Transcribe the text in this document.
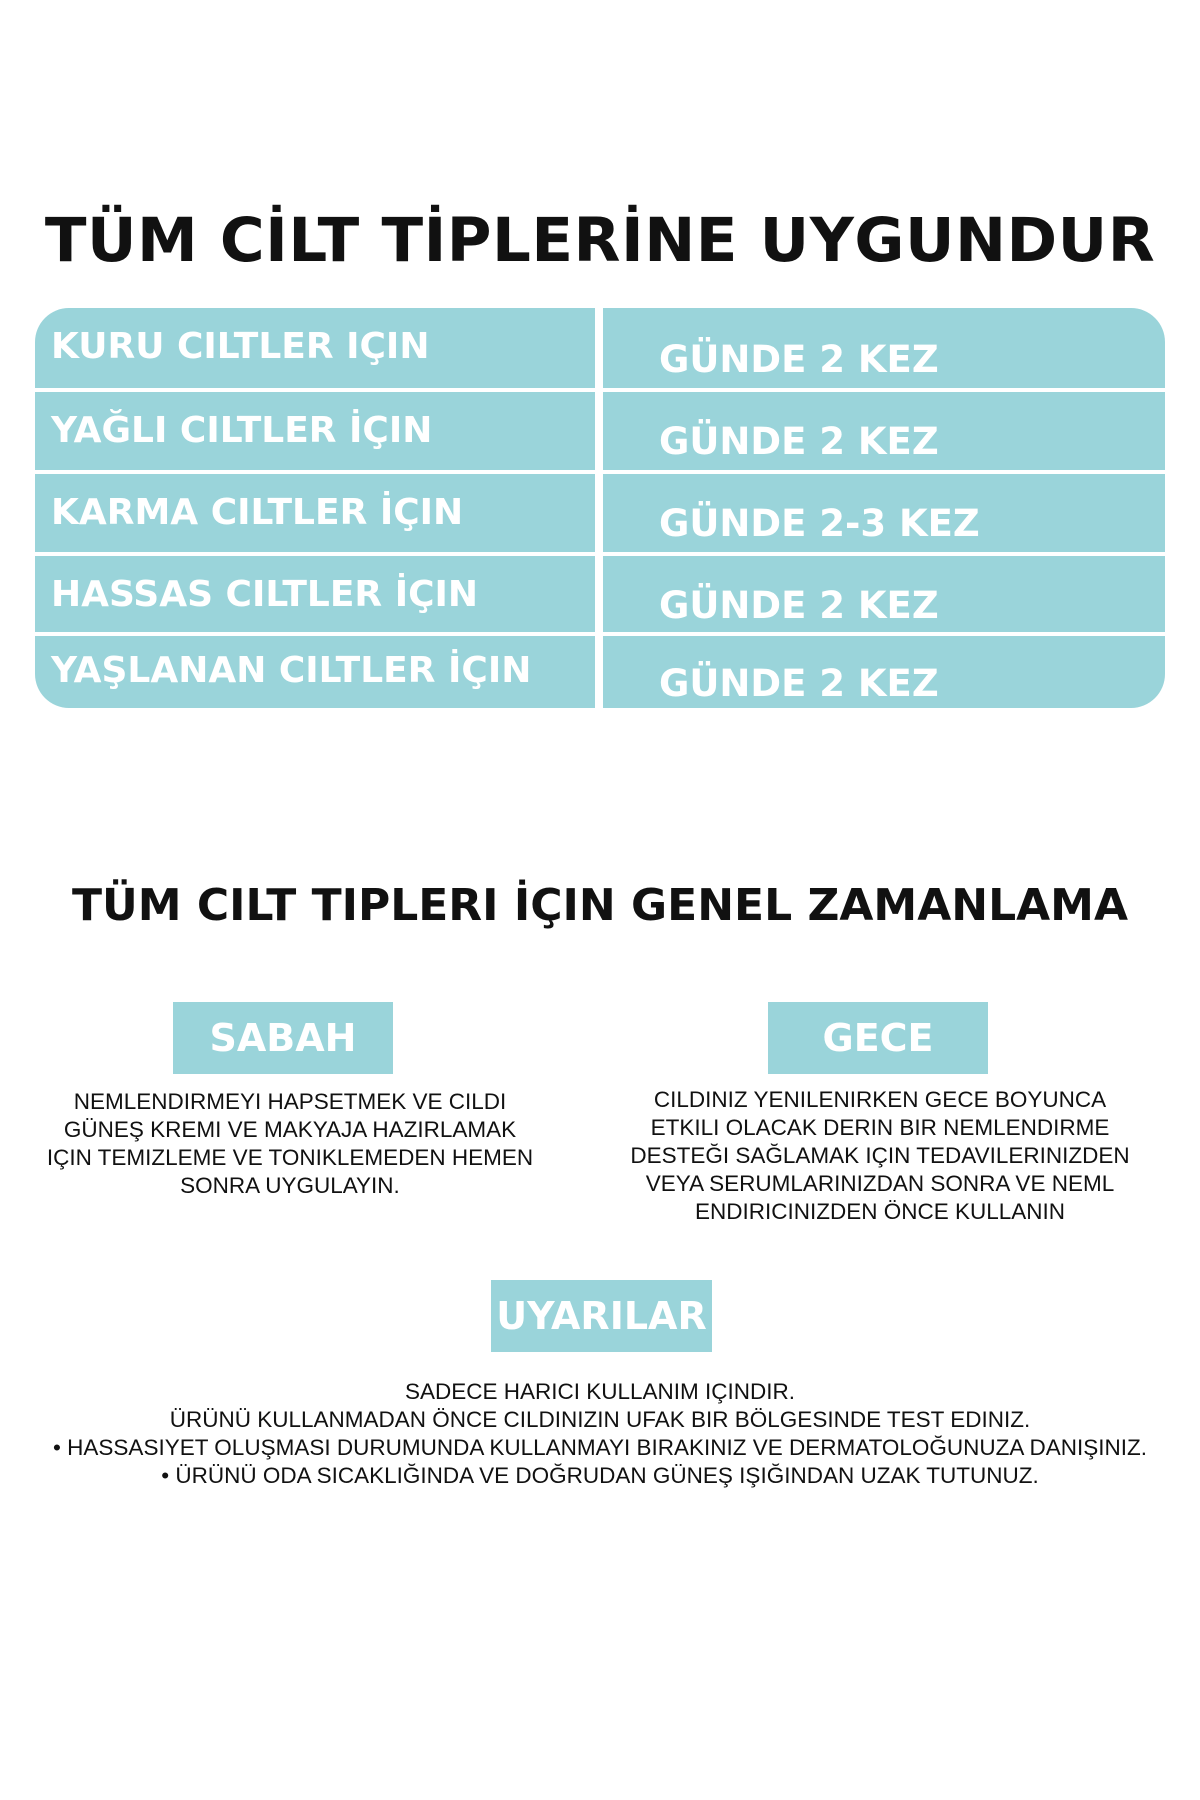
TÜM CİLT TİPLERİNE UYGUNDUR
KURU CILTLER IÇIN	GÜNDE 2 KEZ
YAĞLI CILTLER İÇIN	GÜNDE 2 KEZ
KARMA CILTLER İÇIN	GÜNDE 2-3 KEZ
HASSAS CILTLER İÇIN	GÜNDE 2 KEZ
YAŞLANAN CILTLER İÇIN	GÜNDE 2 KEZ
TÜM CILT TIPLERI İÇIN GENEL ZAMANLAMA
SABAH
NEMLENDIRMEYI HAPSETMEK VE CILDI
GÜNEŞ KREMI VE MAKYAJA HAZIRLAMAK
IÇIN TEMIZLEME VE TONIKLEMEDEN HEMEN
SONRA UYGULAYIN.
GECE
CILDINIZ YENILENIRKEN GECE BOYUNCA
ETKILI OLACAK DERIN BIR NEMLENDIRME
DESTEĞI SAĞLAMAK IÇIN TEDAVILERINIZDEN
VEYA SERUMLARINIZDAN SONRA VE NEML
ENDIRICINIZDEN ÖNCE KULLANIN
UYARILAR
SADECE HARICI KULLANIM IÇINDIR.
ÜRÜNÜ KULLANMADAN ÖNCE CILDINIZIN UFAK BIR BÖLGESINDE TEST EDINIZ.
• HASSASIYET OLUŞMASI DURUMUNDA KULLANMAYI BIRAKINIZ VE DERMATOLOĞUNUZA DANIŞINIZ.
• ÜRÜNÜ ODA SICAKLIĞINDA VE DOĞRUDAN GÜNEŞ IŞIĞINDAN UZAK TUTUNUZ.
